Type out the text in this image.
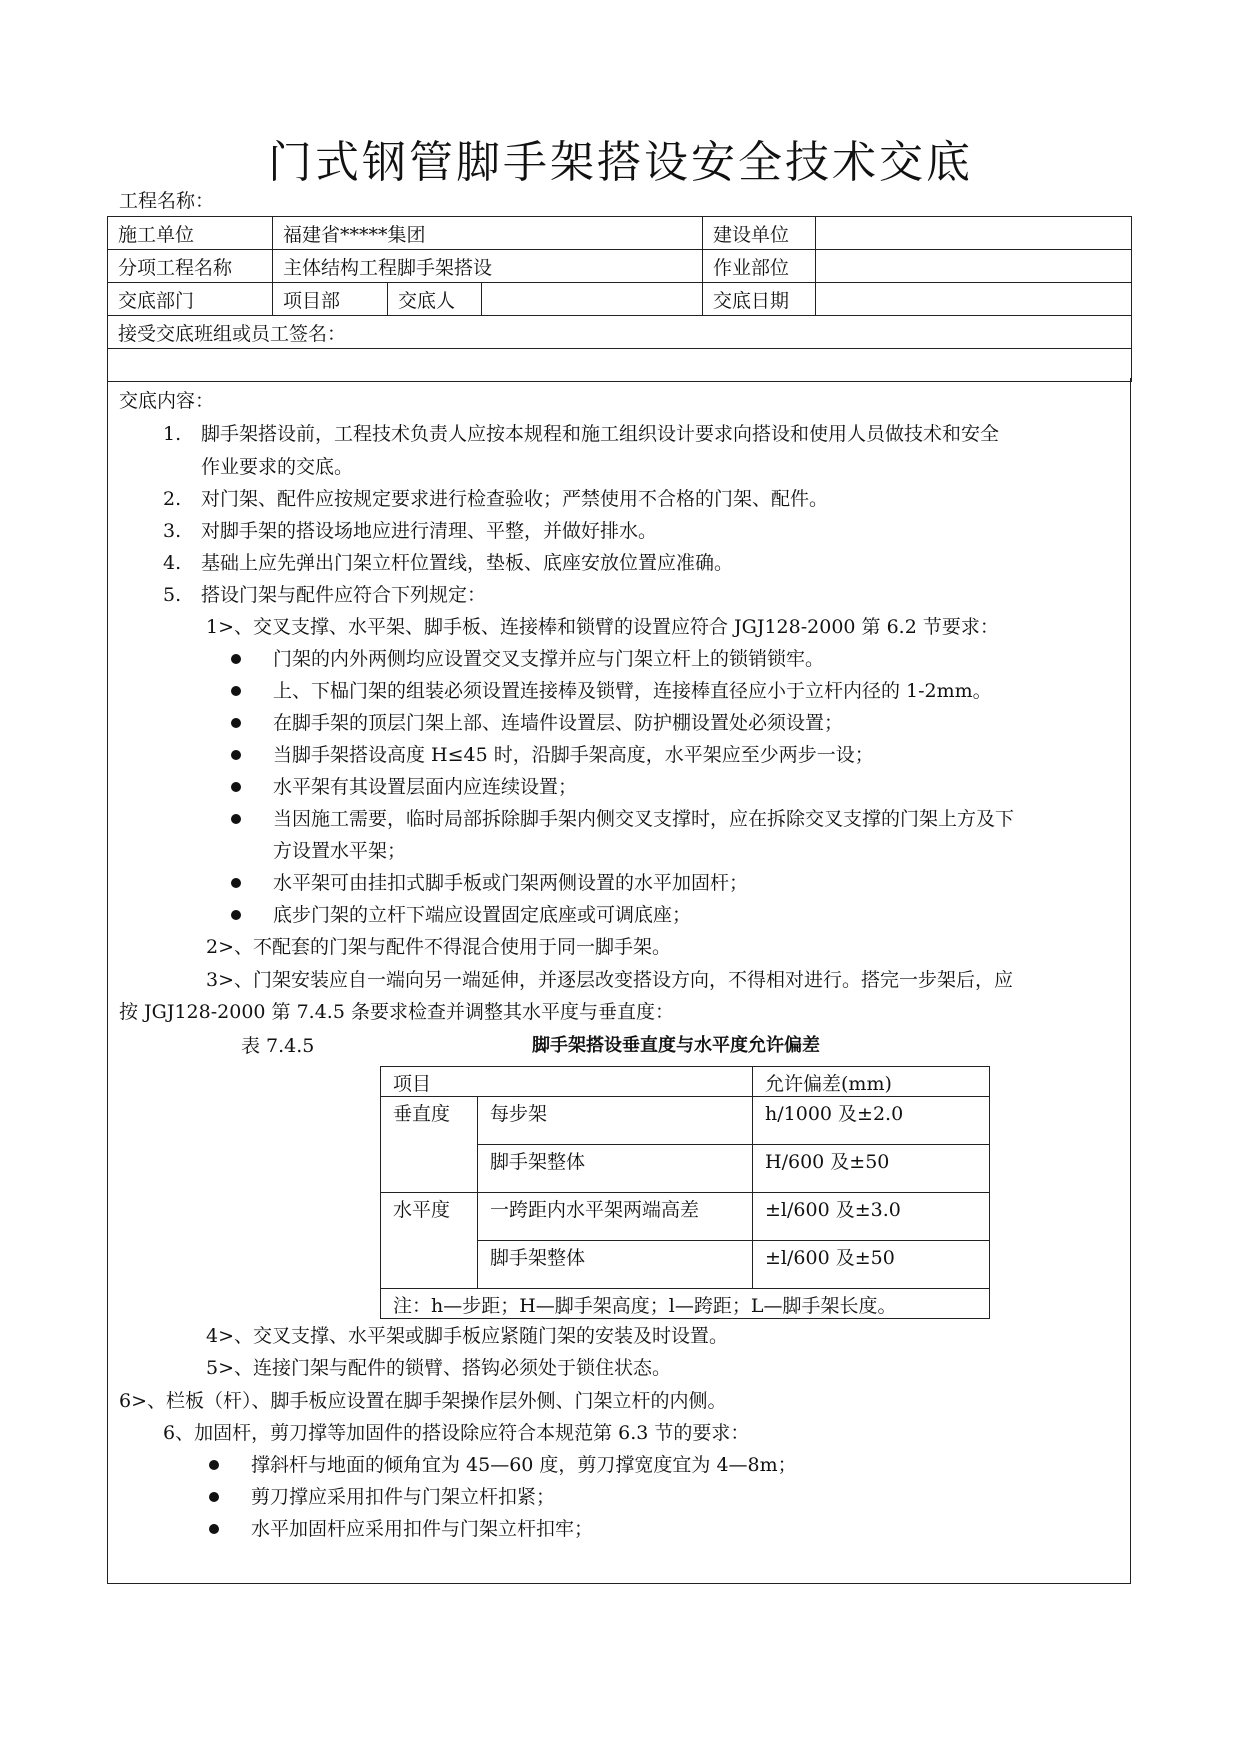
门式钢管脚手架搭设安全技术交底
工程名称：
施工单位	福建省*****集团			建设单位	
分项工程名称	主体结构工程脚手架搭设			作业部位	
交底部门	项目部	交底人		交底日期	
接受交底班组或员工签名：					

交底内容：
1. 脚手架搭设前，工程技术负责人应按本规程和施工组织设计要求向搭设和使用人员做技术和安全
作业要求的交底。
2. 对门架、配件应按规定要求进行检查验收；严禁使用不合格的门架、配件。
3. 对脚手架的搭设场地应进行清理、平整，并做好排水。
4. 基础上应先弹出门架立杆位置线，垫板、底座安放位置应准确。
5. 搭设门架与配件应符合下列规定：
1>、交叉支撑、水平架、脚手板、连接棒和锁臂的设置应符合 JGJ128-2000 第 6.2 节要求：
门架的内外两侧均应设置交叉支撑并应与门架立杆上的锁销锁牢。
上、下榀门架的组装必须设置连接棒及锁臂，连接棒直径应小于立杆内径的 1-2mm。
在脚手架的顶层门架上部、连墙件设置层、防护棚设置处必须设置；
当脚手架搭设高度 H≤45 时，沿脚手架高度，水平架应至少两步一设；
水平架有其设置层面内应连续设置；
当因施工需要，临时局部拆除脚手架内侧交叉支撑时，应在拆除交叉支撑的门架上方及下
方设置水平架；
水平架可由挂扣式脚手板或门架两侧设置的水平加固杆；
底步门架的立杆下端应设置固定底座或可调底座；
2>、不配套的门架与配件不得混合使用于同一脚手架。
3>、门架安装应自一端向另一端延伸，并逐层改变搭设方向，不得相对进行。搭完一步架后，应
按 JGJ128-2000 第 7.4.5 条要求检查并调整其水平度与垂直度：
表 7.4.5	脚手架搭设垂直度与水平度允许偏差
项目		允许偏差(mm)
垂直度	每步架	h/1000 及±2.0
	脚手架整体	H/600 及±50
水平度	一跨距内水平架两端高差	±l/600 及±3.0
	脚手架整体	±l/600 及±50
注：h—步距；H—脚手架高度；l—跨距；L—脚手架长度。		
4>、交叉支撑、水平架或脚手板应紧随门架的安装及时设置。
5>、连接门架与配件的锁臂、搭钩必须处于锁住状态。
6>、栏板（杆）、脚手板应设置在脚手架操作层外侧、门架立杆的内侧。
6、加固杆，剪刀撑等加固件的搭设除应符合本规范第 6.3 节的要求：
撑斜杆与地面的倾角宜为 45—60 度，剪刀撑宽度宜为 4—8m；
剪刀撑应采用扣件与门架立杆扣紧；
水平加固杆应采用扣件与门架立杆扣牢；
